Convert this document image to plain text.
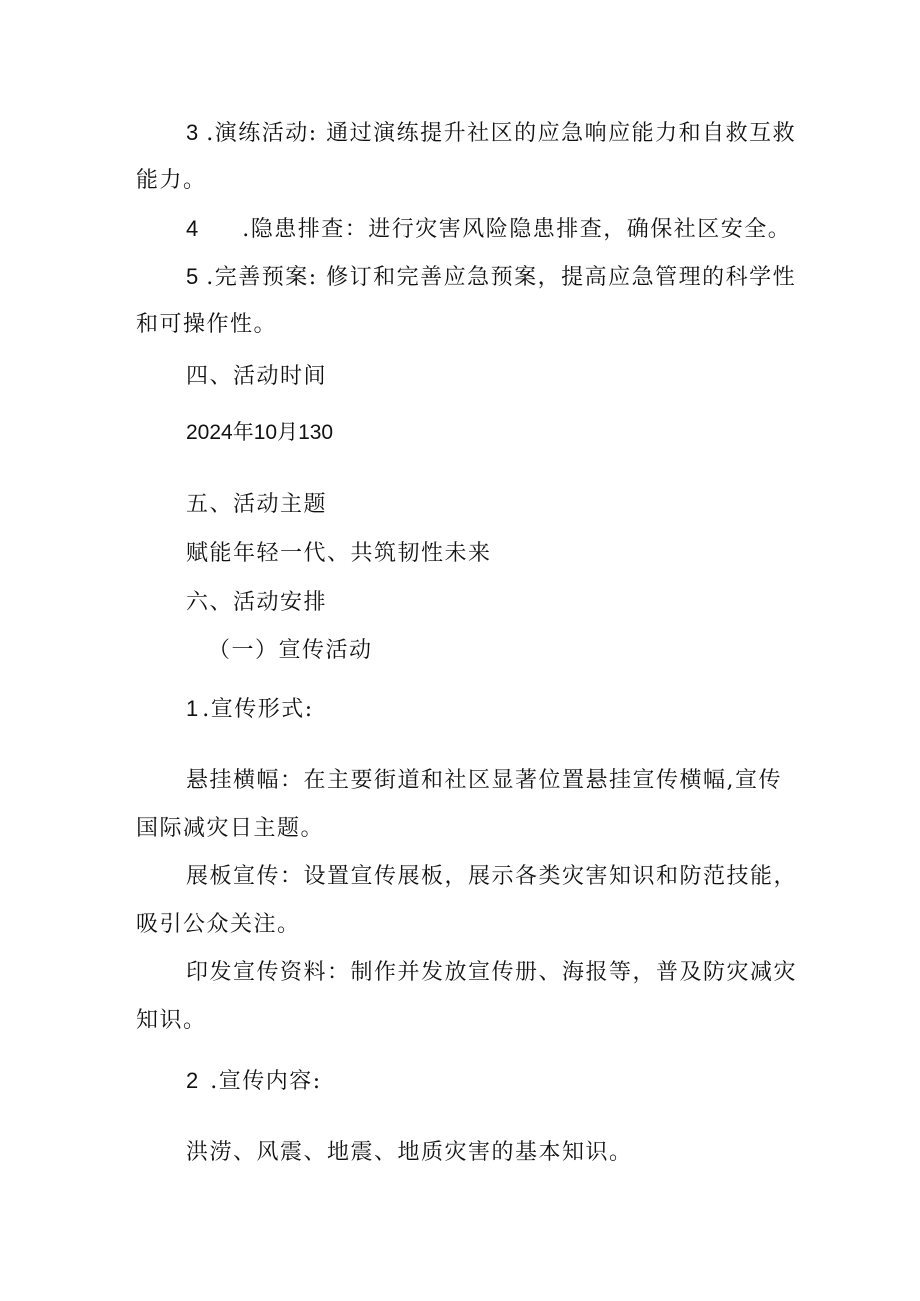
3 .演练活动: 通过演练提升社区的应急响应能力和自救互救
能力。
4 .隐患排查：进行灾害风险隐患排查，确保社区安全。
5 .完善预案: 修订和完善应急预案，提高应急管理的科学性
和可操作性。
四、活动时间
2024年10月130
五、活动主题
赋能年轻一代、共筑韧性未来
六、活动安排
（一）宣传活动
1 .宣传形式:
悬挂横幅：在主要街道和社区显著位置悬挂宣传横幅,宣传
国际减灾日主题。
展板宣传：设置宣传展板，展示各类灾害知识和防范技能，
吸引公众关注。
印发宣传资料：制作并发放宣传册、海报等，普及防灾减灾
知识。
2 .宣传内容:
洪涝、风震、地震、地质灾害的基本知识。
